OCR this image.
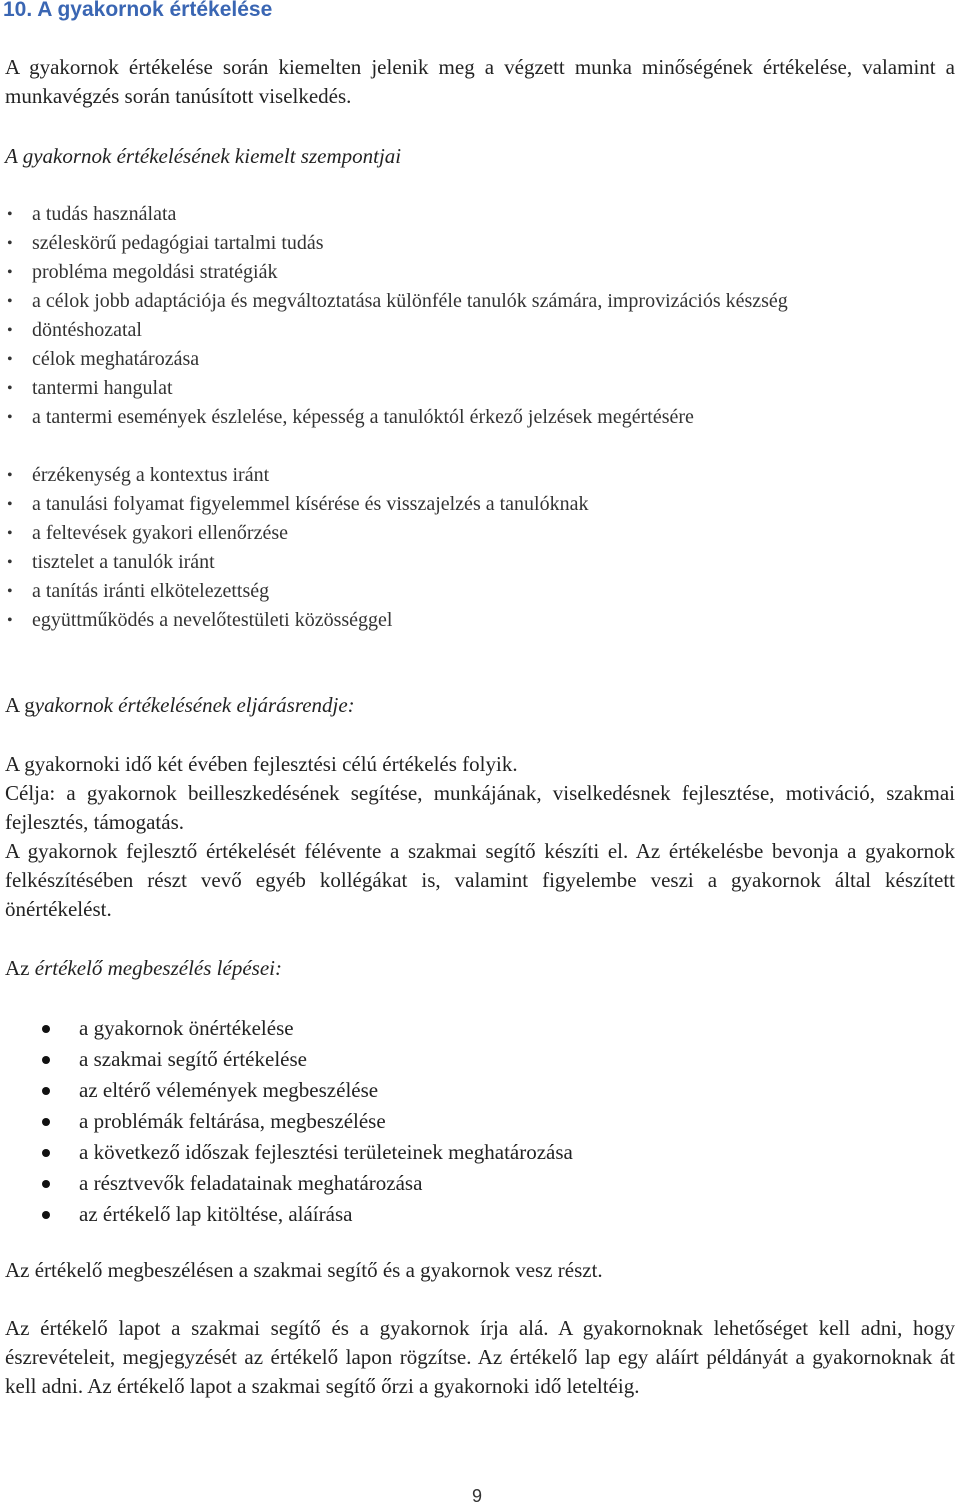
10. A gyakornok értékelése

A gyakornok értékelése során kiemelten jelenik meg a végzett munka minőségének értékelése, valamint a munkavégzés során tanúsított viselkedés.

A gyakornok értékelésének kiemelt szempontjai

• a tudás használata
• széleskörű pedagógiai tartalmi tudás
• probléma megoldási stratégiák
• a célok jobb adaptációja és megváltoztatása különféle tanulók számára, improvizációs készség
• döntéshozatal
• célok meghatározása
• tantermi hangulat
• a tantermi események észlelése, képesség a tanulóktól érkező jelzések megértésére
• érzékenység a kontextus iránt
• a tanulási folyamat figyelemmel kísérése és visszajelzés a tanulóknak
• a feltevések gyakori ellenőrzése
• tisztelet a tanulók iránt
• a tanítás iránti elkötelezettség
• együttműködés a nevelőtestületi közösséggel

A gyakornok értékelésének eljárásrendje:

A gyakornoki idő két évében fejlesztési célú értékelés folyik.

Célja: a gyakornok beilleszkedésének segítése, munkájának, viselkedésnek fejlesztése, motiváció, szakmai fejlesztés, támogatás.

A gyakornok fejlesztő értékelését félévente a szakmai segítő készíti el. Az értékelésbe bevonja a gyakornok felkészítésében részt vevő egyéb kollégákat is, valamint figyelembe veszi a gyakornok által készített önértékelést.

Az értékelő megbeszélés lépései:

a gyakornok önértékelése
a szakmai segítő értékelése
az eltérő vélemények megbeszélése
a problémák feltárása, megbeszélése
a következő időszak fejlesztési területeinek meghatározása
a résztvevők feladatainak meghatározása
az értékelő lap kitöltése, aláírása

Az értékelő megbeszélésen a szakmai segítő és a gyakornok vesz részt.

Az értékelő lapot a szakmai segítő és a gyakornok írja alá. A gyakornoknak lehetőséget kell adni, hogy észrevételeit, megjegyzését az értékelő lapon rögzítse. Az értékelő lap egy aláírt példányát a gyakornoknak át kell adni. Az értékelő lapot a szakmai segítő őrzi a gyakornoki idő leteltéig.

9
